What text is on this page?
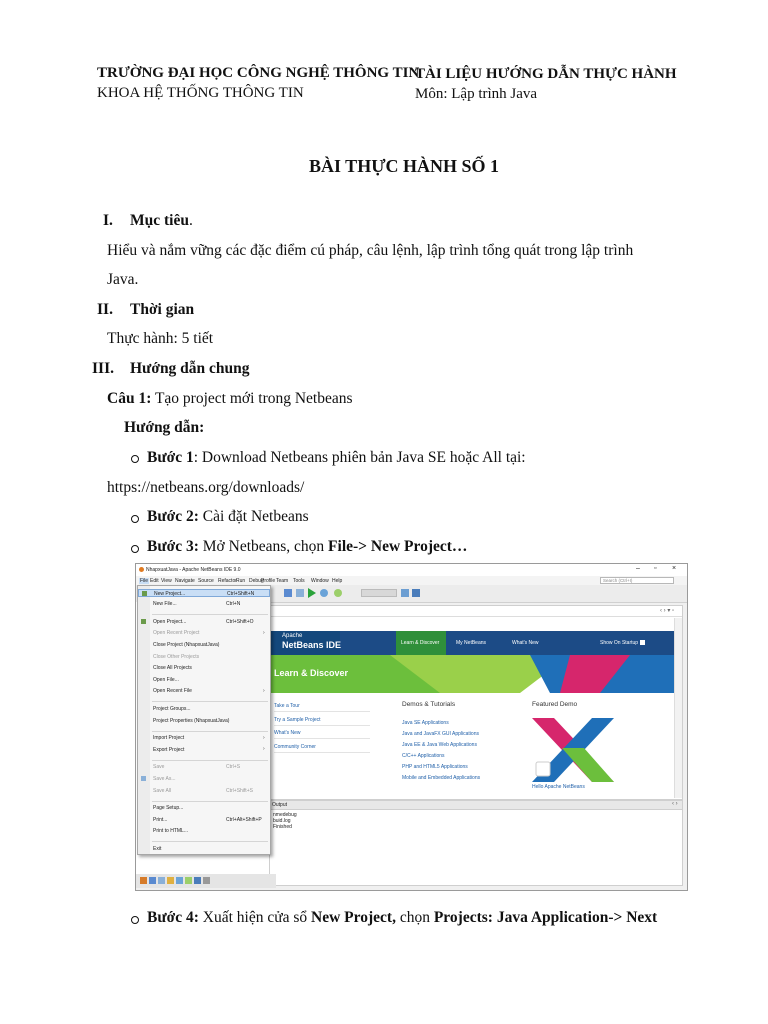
TRƯỜNG ĐẠI HỌC CÔNG NGHỆ THÔNG TIN
KHOA HỆ THỐNG THÔNG TIN
TÀI LIỆU HƯỚNG DẪN THỰC HÀNH
Môn: Lập trình Java
BÀI THỰC HÀNH SỐ 1
I. Mục tiêu.
Hiểu và nắm vững các đặc điểm cú pháp, câu lệnh, lập trình tổng quát trong lập trình
Java.
II. Thời gian
Thực hành: 5 tiết
III. Hướng dẫn chung
Câu 1: Tạo project mới trong Netbeans
Hướng dẫn:
Bước 1: Download Netbeans phiên bản Java SE hoặc All tại:
https://netbeans.org/downloads/
Bước 2: Cài đặt Netbeans
Bước 3: Mở Netbeans, chọn File-> New Project…
NhapxuatJava - Apache NetBeans IDE 9.0	– ▫ ×
File Edit View Navigate Source Refactor Run Debug
Profile Team Tools Window Help	Search (Ctrl+I)
‹ › ▾ ▫
Apache
NetBeans IDE	Learn & Discover	My NetBeans	What's New	Show On Startup
Learn & Discover
Take a Tour
Try a Sample Project
What's New
Community Corner
Demos & Tutorials
Java SE Applications
Java and JavaFX GUI Applications
Java EE & Java Web Applications
C/C++ Applications
PHP and HTML5 Applications
Mobile and Embedded Applications
Featured Demo
Hello Apache NetBeans
Output	‹ ›
nmedebug
buid.log
Finished
New Project...	Ctrl+Shift+N
New File...	Ctrl+N
Open Project...	Ctrl+Shift+O
Open Recent Project	›
Close Project (NhapxuatJava)
Close Other Projects
Close All Projects
Open File...
Open Recent File	›
Project Groups...
Project Properties (NhapxuatJava)
Import Project	›
Export Project	›
Save	Ctrl+S
Save As...
Save All	Ctrl+Shift+S
Page Setup...
Print...	Ctrl+Alt+Shift+P
Print to HTML...
Exit
Bước 4: Xuất hiện cửa sổ New Project, chọn Projects: Java Application-> Next
